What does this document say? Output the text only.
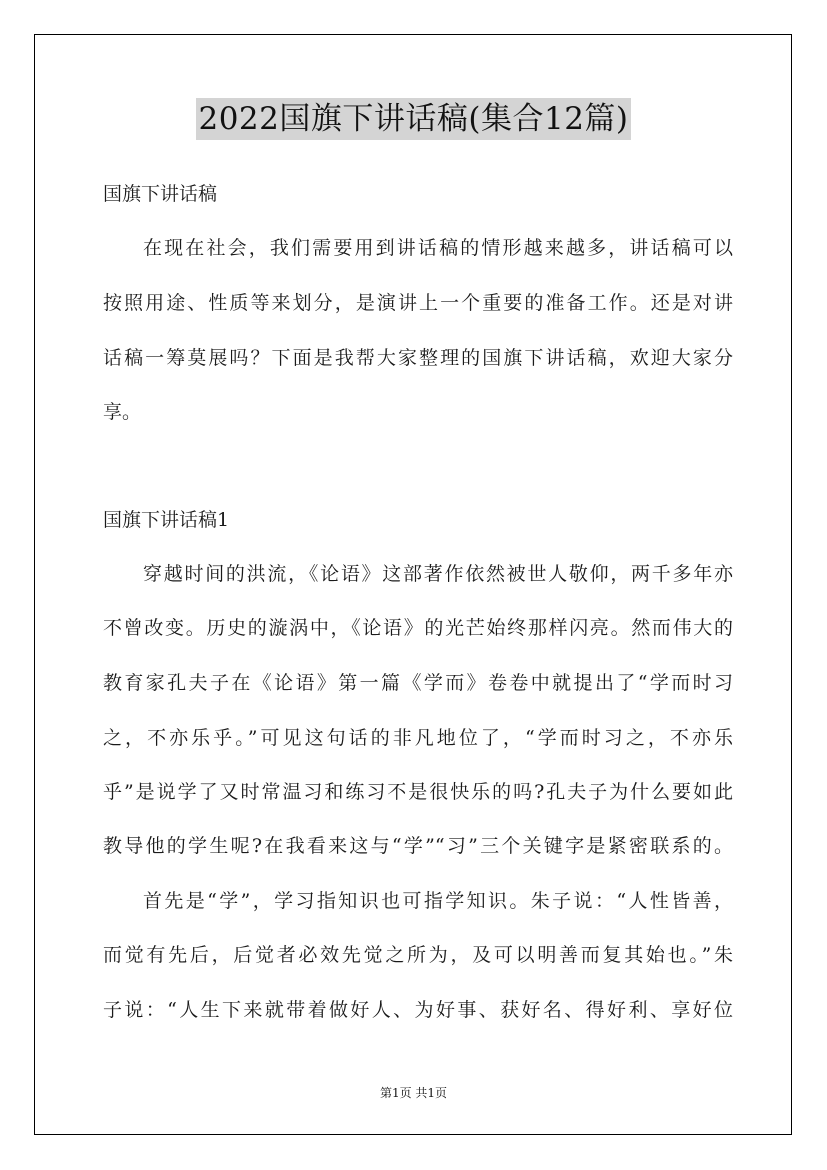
2022国旗下讲话稿(集合12篇)
国旗下讲话稿
在现在社会，我们需要用到讲话稿的情形越来越多，讲话稿可以
按照用途、性质等来划分，是演讲上一个重要的准备工作。还是对讲
话稿一筹莫展吗？下面是我帮大家整理的国旗下讲话稿，欢迎大家分
享。
国旗下讲话稿1
穿越时间的洪流，《论语》这部著作依然被世人敬仰，两千多年亦
不曾改变。历史的漩涡中，《论语》的光芒始终那样闪亮。然而伟大的
教育家孔夫子在《论语》第一篇《学而》卷卷中就提出了“学而时习
之，不亦乐乎。”可见这句话的非凡地位了，“学而时习之，不亦乐
乎”是说学了又时常温习和练习不是很快乐的吗?孔夫子为什么要如此
教导他的学生呢?在我看来这与“学”“习”三个关键字是紧密联系的。
首先是“学”，学习指知识也可指学知识。朱子说：“人性皆善，
而觉有先后，后觉者必效先觉之所为，及可以明善而复其始也。”朱
子说：“人生下来就带着做好人、为好事、获好名、得好利、享好位
第1页 共1页
